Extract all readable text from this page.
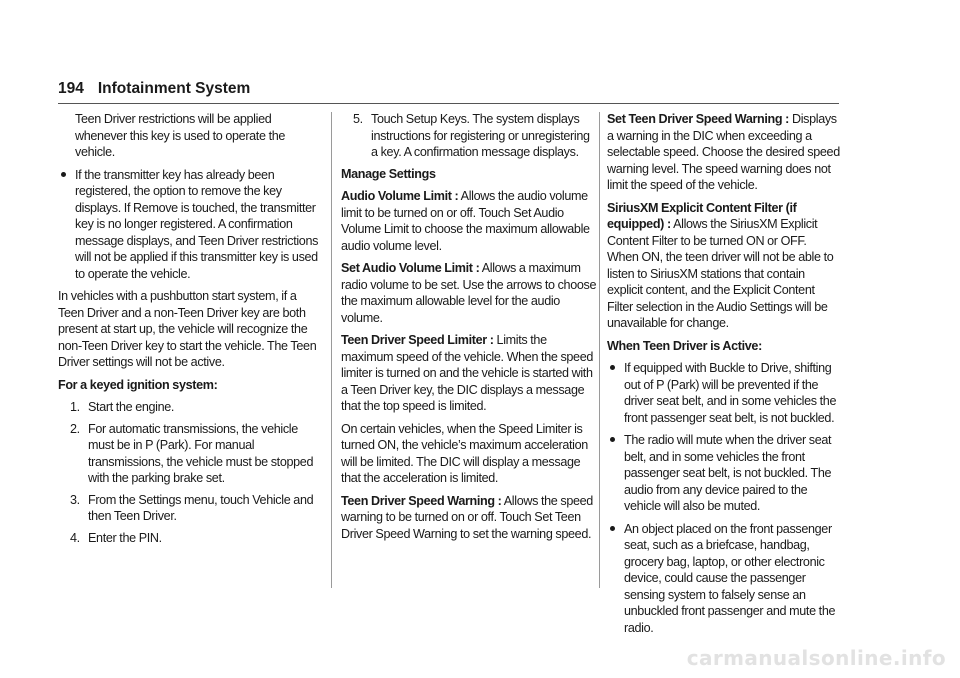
194 Infotainment System

Teen Driver restrictions will be applied whenever this key is used to operate the vehicle.

If the transmitter key has already been registered, the option to remove the key displays. If Remove is touched, the transmitter key is no longer registered. A confirmation message displays, and Teen Driver restrictions will not be applied if this transmitter key is used to operate the vehicle.

In vehicles with a pushbutton start system, if a Teen Driver and a non-Teen Driver key are both present at start up, the vehicle will recognize the non-Teen Driver key to start the vehicle. The Teen Driver settings will not be active.

For a keyed ignition system:

1. Start the engine.
2. For automatic transmissions, the vehicle must be in P (Park). For manual transmissions, the vehicle must be stopped with the parking brake set.
3. From the Settings menu, touch Vehicle and then Teen Driver.
4. Enter the PIN.
5. Touch Setup Keys. The system displays instructions for registering or unregistering a key. A confirmation message displays.

Manage Settings

Audio Volume Limit : Allows the audio volume limit to be turned on or off. Touch Set Audio Volume Limit to choose the maximum allowable audio volume level.

Set Audio Volume Limit : Allows a maximum radio volume to be set. Use the arrows to choose the maximum allowable level for the audio volume.

Teen Driver Speed Limiter : Limits the maximum speed of the vehicle. When the speed limiter is turned on and the vehicle is started with a Teen Driver key, the DIC displays a message that the top speed is limited.

On certain vehicles, when the Speed Limiter is turned ON, the vehicle’s maximum acceleration will be limited. The DIC will display a message that the acceleration is limited.

Teen Driver Speed Warning : Allows the speed warning to be turned on or off. Touch Set Teen Driver Speed Warning to set the warning speed.

Set Teen Driver Speed Warning : Displays a warning in the DIC when exceeding a selectable speed. Choose the desired speed warning level. The speed warning does not limit the speed of the vehicle.

SiriusXM Explicit Content Filter (if equipped) : Allows the SiriusXM Explicit Content Filter to be turned ON or OFF. When ON, the teen driver will not be able to listen to SiriusXM stations that contain explicit content, and the Explicit Content Filter selection in the Audio Settings will be unavailable for change.

When Teen Driver is Active:

If equipped with Buckle to Drive, shifting out of P (Park) will be prevented if the driver seat belt, and in some vehicles the front passenger seat belt, is not buckled.
The radio will mute when the driver seat belt, and in some vehicles the front passenger seat belt, is not buckled. The audio from any device paired to the vehicle will also be muted.
An object placed on the front passenger seat, such as a briefcase, handbag, grocery bag, laptop, or other electronic device, could cause the passenger sensing system to falsely sense an unbuckled front passenger and mute the radio.
carmanualsonline.info
